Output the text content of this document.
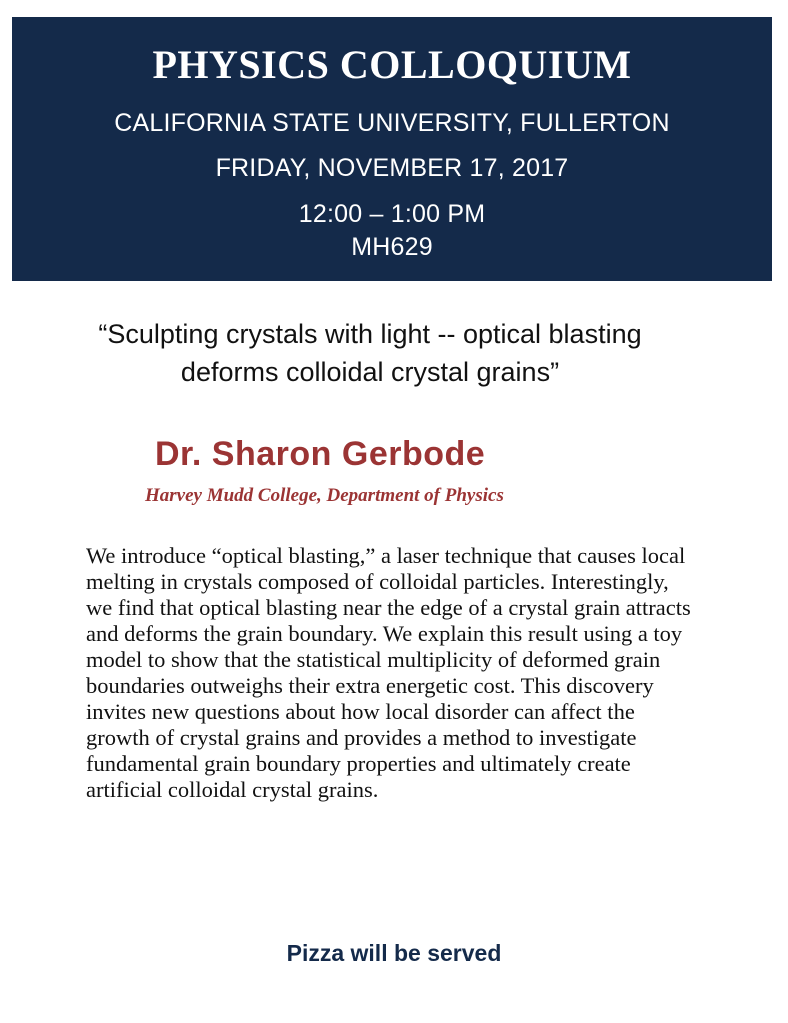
PHYSICS COLLOQUIUM
CALIFORNIA STATE UNIVERSITY, FULLERTON
FRIDAY, NOVEMBER 17, 2017
12:00 – 1:00 PM
MH629
“Sculpting crystals with light -- optical blasting
deforms colloidal crystal grains”
Dr. Sharon Gerbode
Harvey Mudd College, Department of Physics
We introduce “optical blasting,” a laser technique that causes local melting in crystals composed of colloidal particles. Interestingly, we find that optical blasting near the edge of a crystal grain attracts and deforms the grain boundary. We explain this result using a toy model to show that the statistical multiplicity of deformed grain boundaries outweighs their extra energetic cost. This discovery invites new questions about how local disorder can affect the growth of crystal grains and provides a method to investigate fundamental grain boundary properties and ultimately create artificial colloidal crystal grains.
Pizza will be served
